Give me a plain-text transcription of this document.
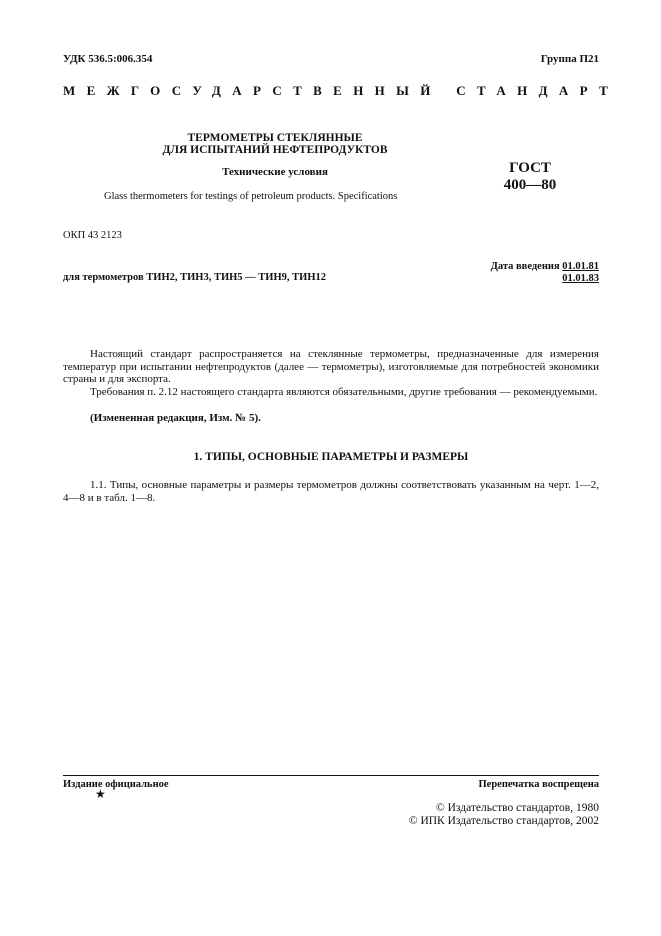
УДК 536.5:006.354	Группа П21
МЕЖГОСУДАРСТВЕННЫЙ СТАНДАРТ
ТЕРМОМЕТРЫ СТЕКЛЯННЫЕ
ДЛЯ ИСПЫТАНИЙ НЕФТЕПРОДУКТОВ
Технические условия	ГОСТ
400—80
Glass thermometers for testings of petroleum products. Specifications
ОКП 43 2123
Дата введения 01.01.81
01.01.83
для термометров ТИН2, ТИН3, ТИН5 — ТИН9, ТИН12

Настоящий стандарт распространяется на стеклянные термометры, предназначенные для измерения температур при испытании нефтепродуктов (далее — термометры), изготовляемые для потребностей экономики страны и для экспорта.

Требования п. 2.12 настоящего стандарта являются обязательными, другие требования — рекомендуемыми.

(Измененная редакция, Изм. № 5).

1. ТИПЫ, ОСНОВНЫЕ ПАРАМЕТРЫ И РАЗМЕРЫ

1.1. Типы, основные параметры и размеры термометров должны соответствовать указанным на черт. 1—2, 4—8 и в табл. 1—8.

Издание официальное	Перепечатка воспрещена
★
© Издательство стандартов, 1980
© ИПК Издательство стандартов, 2002
